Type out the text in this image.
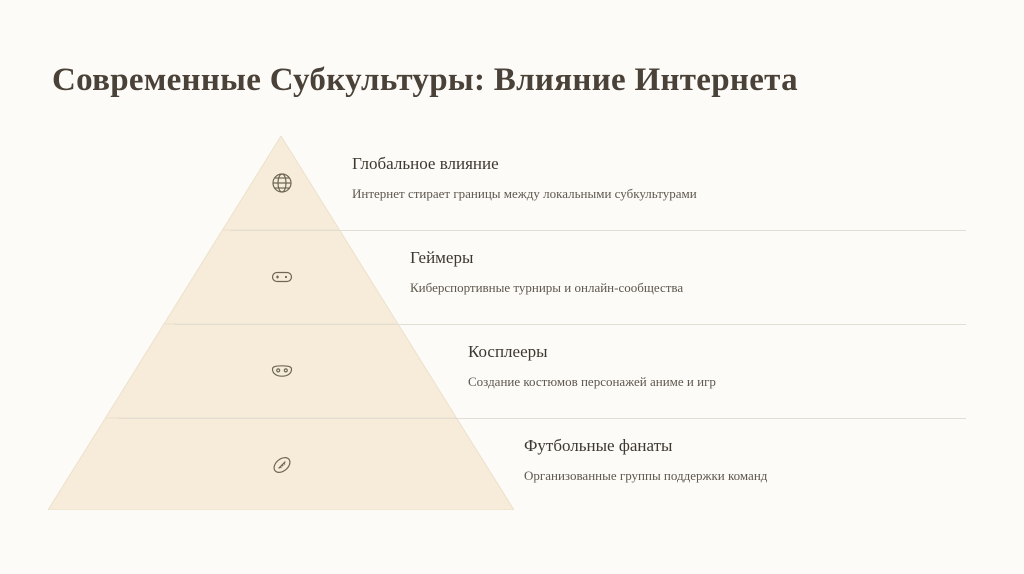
Современные Субкультуры: Влияние Интернета

Глобальное влияние

Интернет стирает границы между локальными субкультурами

Геймеры

Киберспортивные турниры и онлайн-сообщества

Косплееры

Создание костюмов персонажей аниме и игр

Футбольные фанаты

Организованные группы поддержки команд
